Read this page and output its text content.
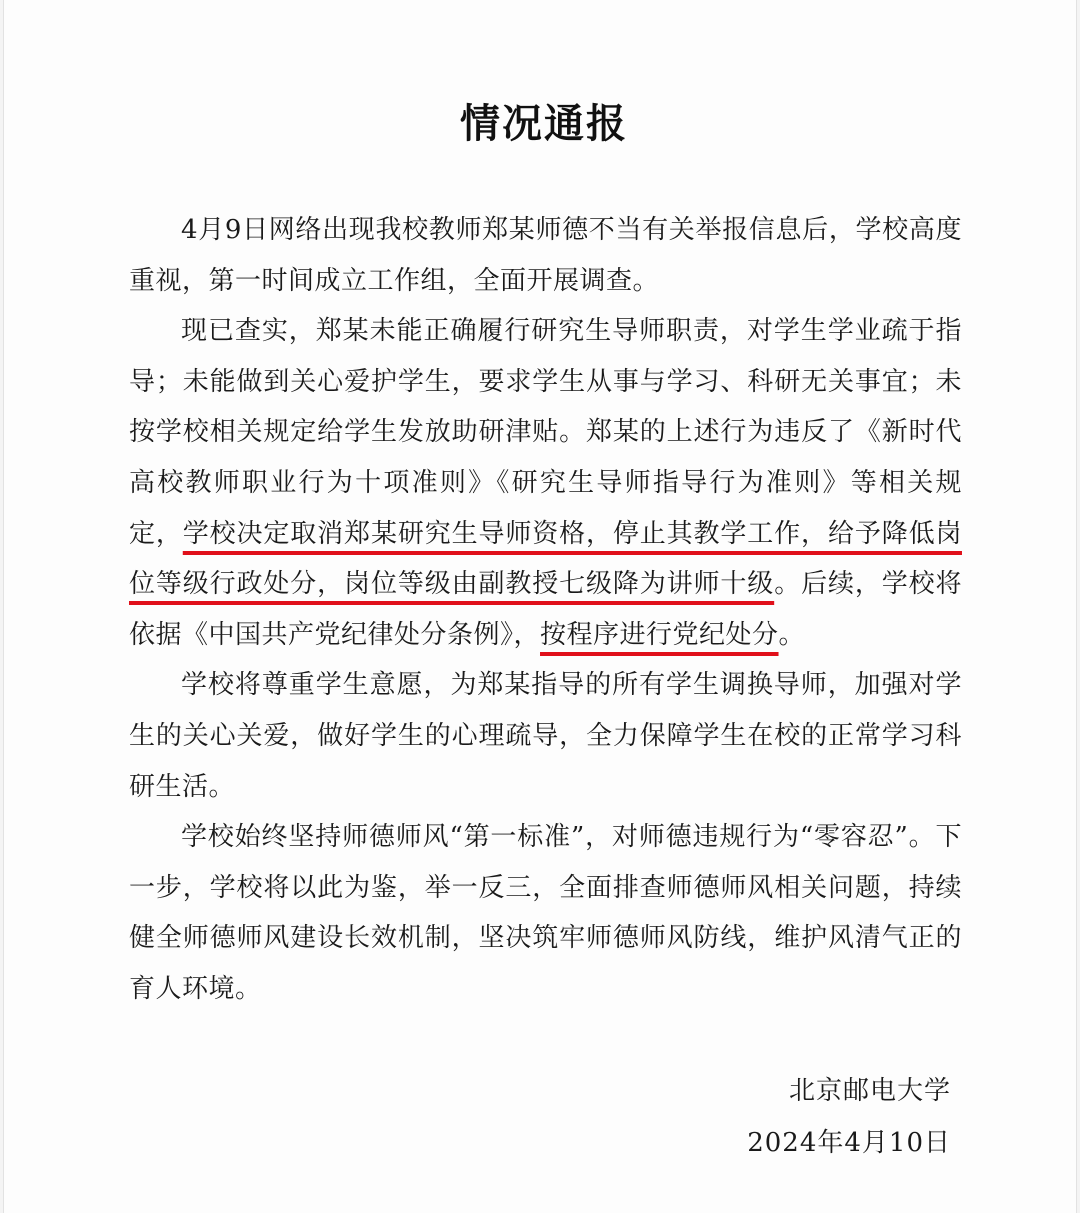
情况通报

4月9日网络出现我校教师郑某师德不当有关举报信息后，学校高度重视，第一时间成立工作组，全面开展调查。

现已查实，郑某未能正确履行研究生导师职责，对学生学业疏于指导；未能做到关心爱护学生，要求学生从事与学习、科研无关事宜；未按学校相关规定给学生发放助研津贴。郑某的上述行为违反了《新时代高校教师职业行为十项准则》《研究生导师指导行为准则》等相关规定，学校决定取消郑某研究生导师资格，停止其教学工作，给予降低岗位等级行政处分，岗位等级由副教授七级降为讲师十级。后续，学校将依据《中国共产党纪律处分条例》，按程序进行党纪处分。

学校将尊重学生意愿，为郑某指导的所有学生调换导师，加强对学生的关心关爱，做好学生的心理疏导，全力保障学生在校的正常学习科研生活。

学校始终坚持师德师风“第一标准”，对师德违规行为“零容忍”。下一步，学校将以此为鉴，举一反三，全面排查师德师风相关问题，持续健全师德师风建设长效机制，坚决筑牢师德师风防线，维护风清气正的育人环境。

北京邮电大学
2024年4月10日
